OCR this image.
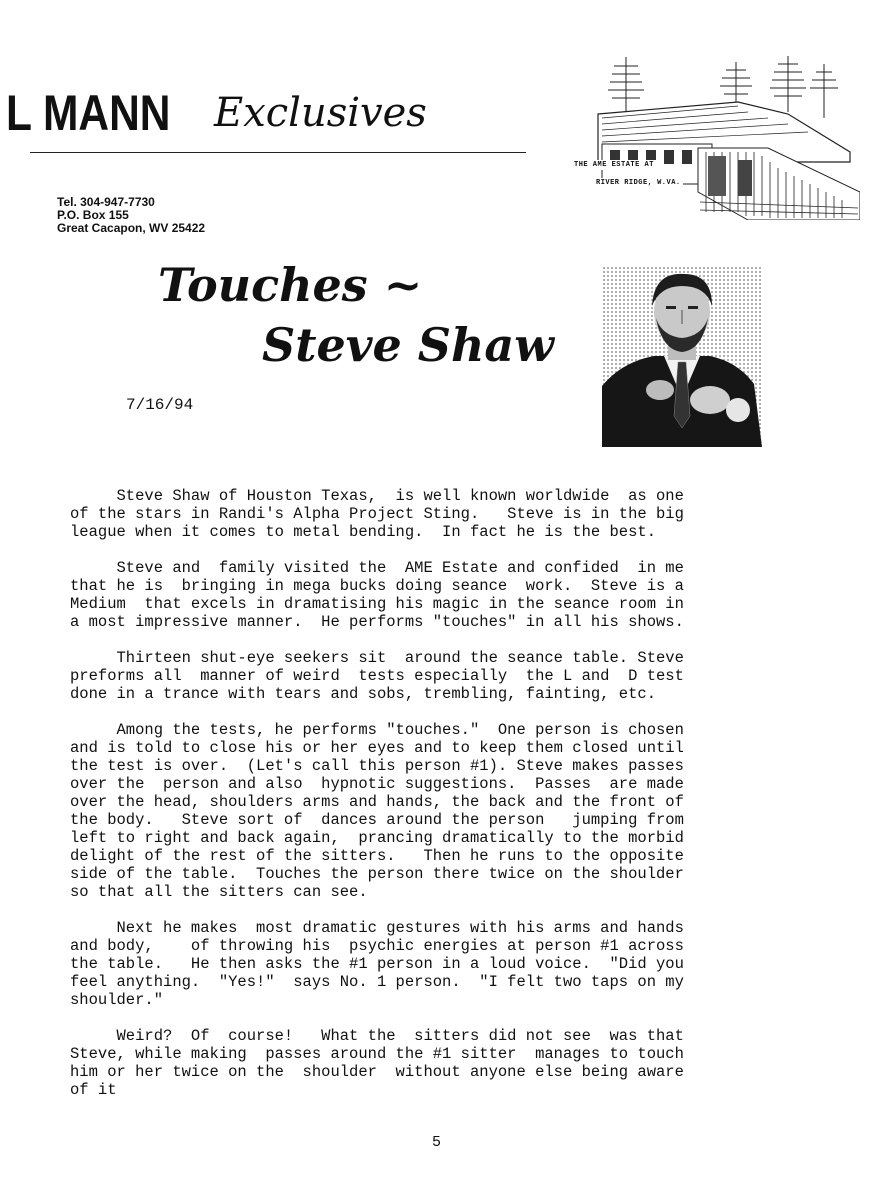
L MANN Exclusives
Tel. 304-947-7730
P.O. Box 155
Great Cacapon, WV 25422
THE AME ESTATE AT
RIVER RIDGE, W.VA.
Touches ~
Steve Shaw
7/16/94
Steve Shaw of Houston Texas,  is well known worldwide  as one
of the stars in Randi's Alpha Project Sting.   Steve is in the big
league when it comes to metal bending.  In fact he is the best.
Steve and  family visited the  AME Estate and confided  in me
that he is  bringing in mega bucks doing seance  work.  Steve is a
Medium  that excels in dramatising his magic in the seance room in
a most impressive manner.  He performs "touches" in all his shows.
Thirteen shut-eye seekers sit  around the seance table. Steve
preforms all  manner of weird  tests especially  the L and  D test
done in a trance with tears and sobs, trembling, fainting, etc.
Among the tests, he performs "touches."  One person is chosen
and is told to close his or her eyes and to keep them closed until
the test is over.  (Let's call this person #1). Steve makes passes
over the  person and also  hypnotic suggestions.  Passes  are made
over the head, shoulders arms and hands, the back and the front of
the body.   Steve sort of  dances around the person   jumping from
left to right and back again,  prancing dramatically to the morbid
delight of the rest of the sitters.   Then he runs to the opposite
side of the table.  Touches the person there twice on the shoulder
so that all the sitters can see.
Next he makes  most dramatic gestures with his arms and hands
and body,    of throwing his  psychic energies at person #1 across
the table.   He then asks the #1 person in a loud voice.  "Did you
feel anything.  "Yes!"  says No. 1 person.  "I felt two taps on my
shoulder."
Weird?  Of  course!   What the  sitters did not see  was that
Steve, while making  passes around the #1 sitter  manages to touch
him or her twice on the  shoulder  without anyone else being aware
of it
5
